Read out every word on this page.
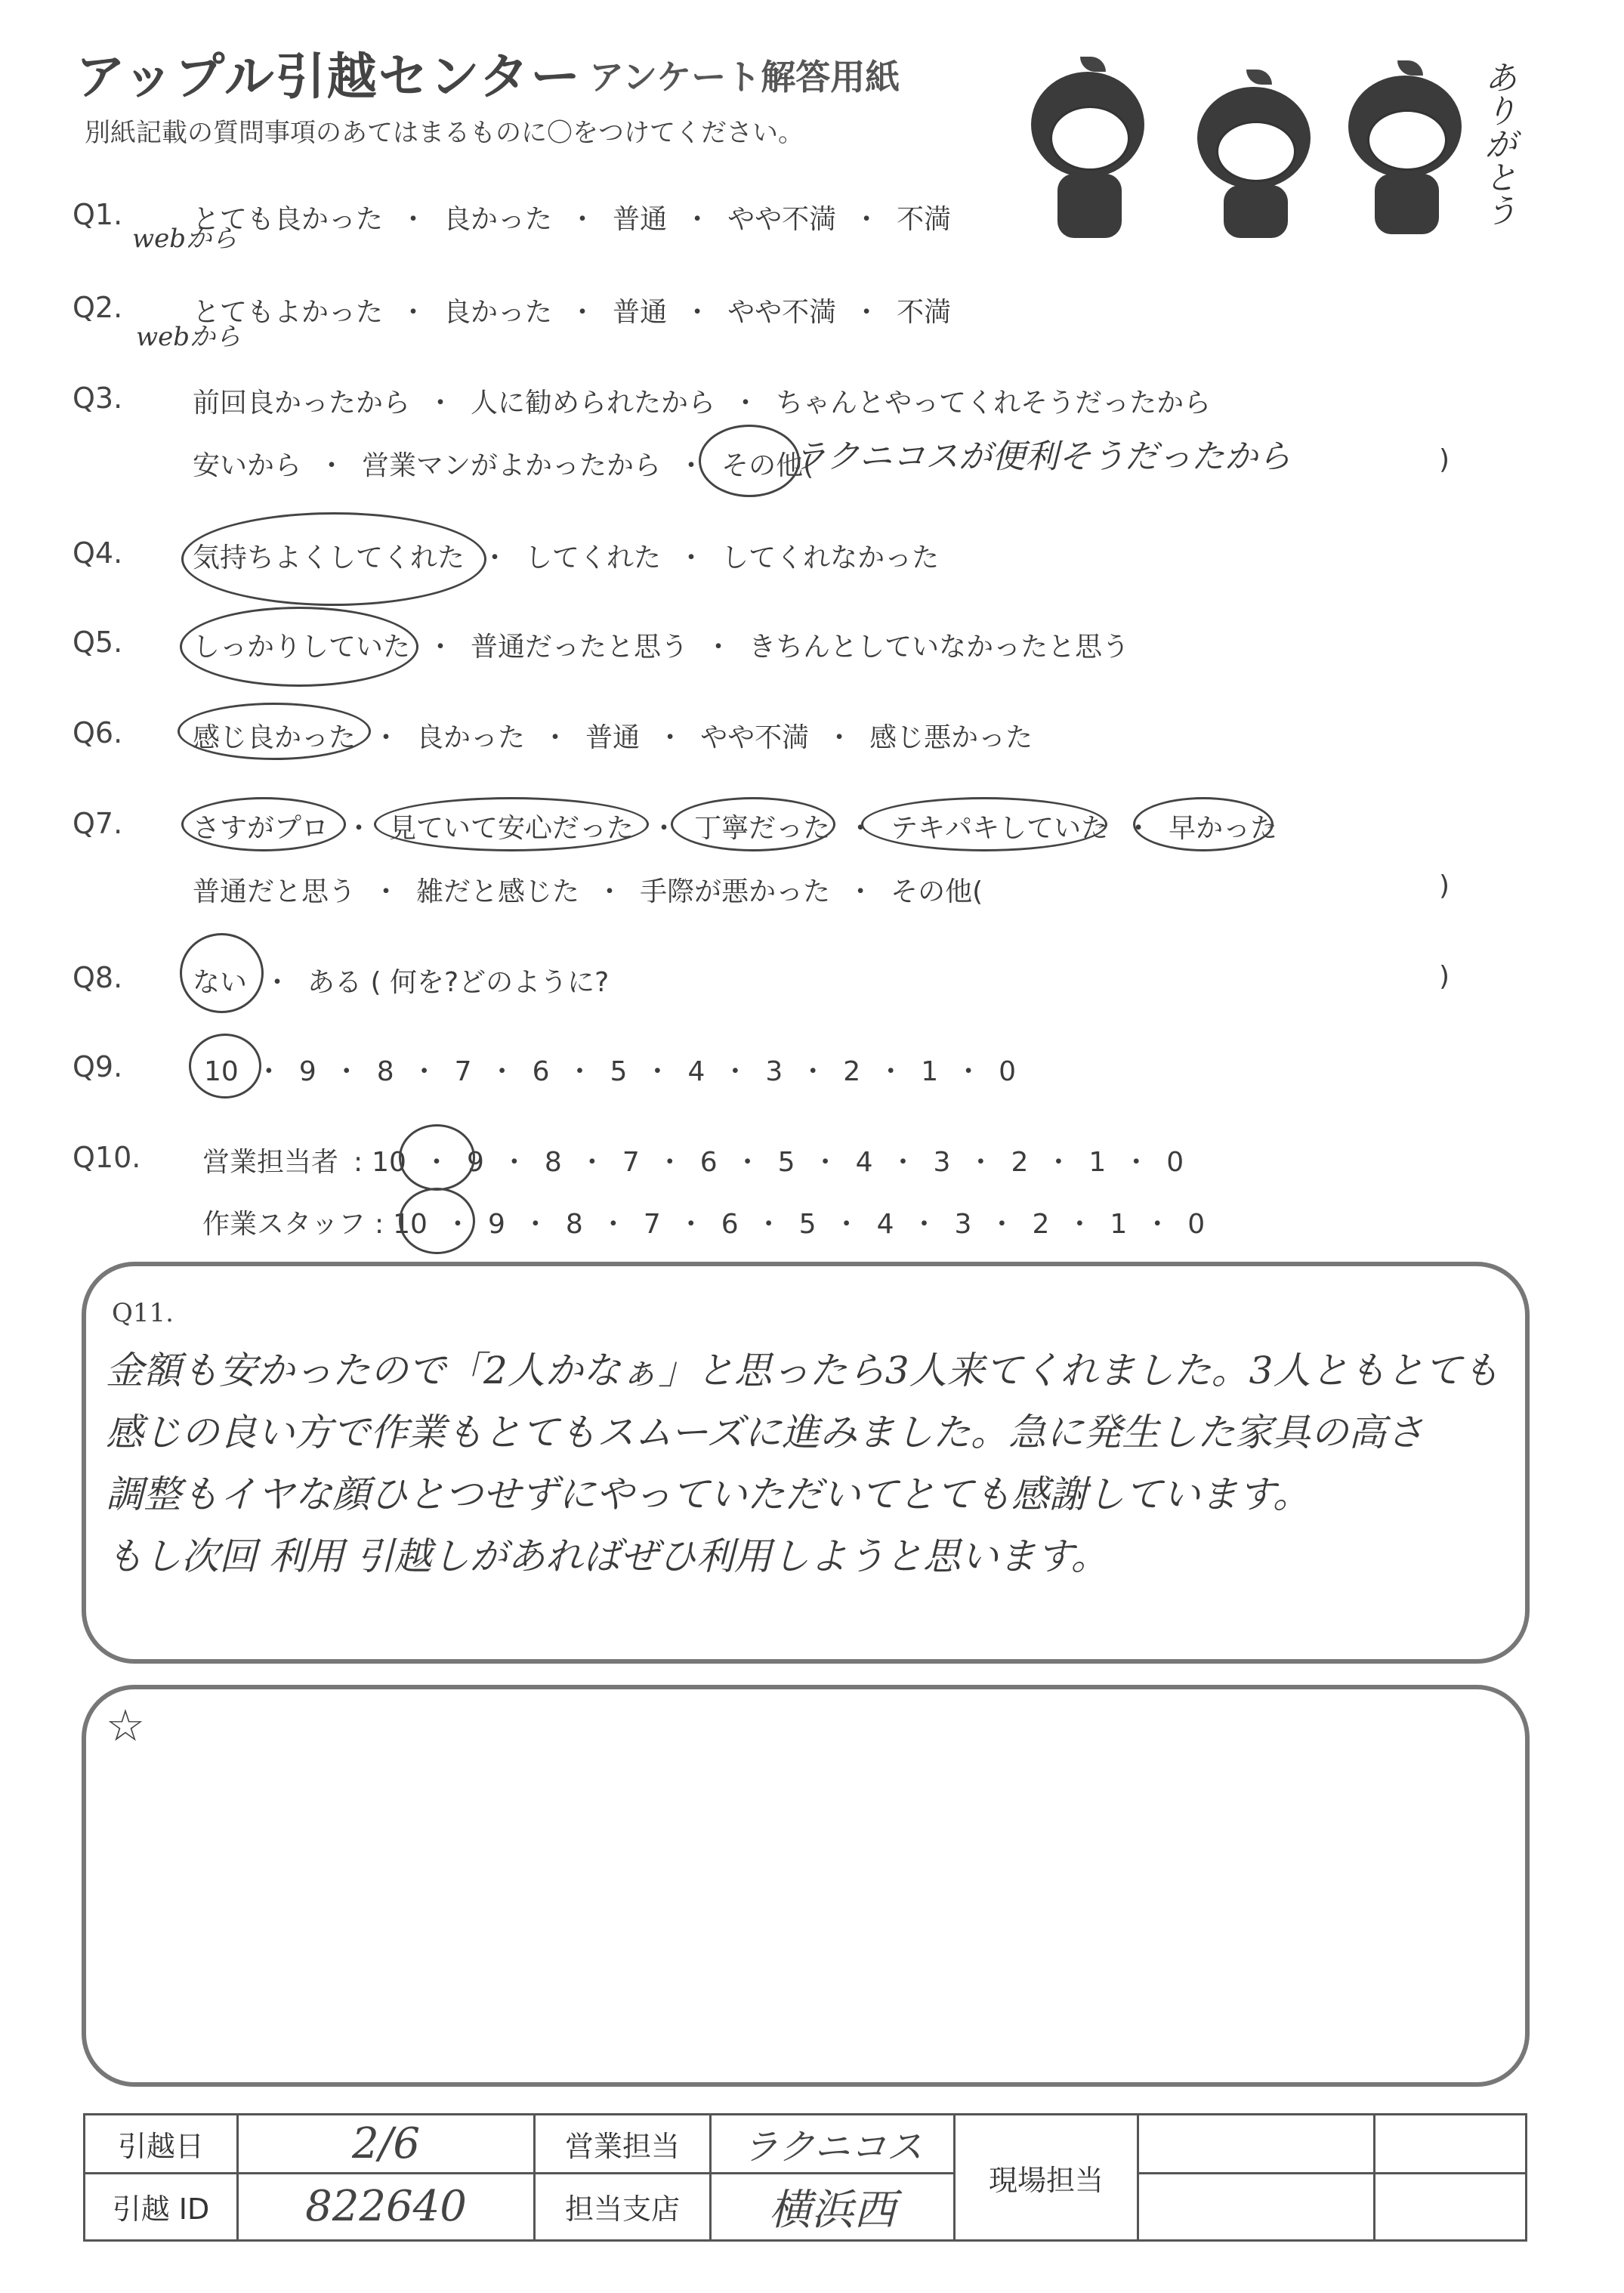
アップル引越センター アンケート解答用紙
別紙記載の質問事項のあてはまるものに〇をつけてください。	ありがとう
Q1.
webから
とても良かった ・ 良かった ・ 普通 ・ やや不満 ・ 不満
Q2.
webから
とてもよかった ・ 良かった ・ 普通 ・ やや不満 ・ 不満
Q3.	前回良かったから ・ 人に勧められたから ・ ちゃんとやってくれそうだったから
安いから ・ 営業マンがよかったから ・ その他(
ラクニコスが便利そうだったから	)
Q4.	気持ちよくしてくれた ・ してくれた ・ してくれなかった
Q5.	しっかりしていた ・ 普通だったと思う ・ きちんとしていなかったと思う
Q6.	感じ良かった ・ 良かった ・ 普通 ・ やや不満 ・ 感じ悪かった
Q7.	さすがプロ ・ 見ていて安心だった ・ 丁寧だった ・ テキパキしていた ・ 早かった
普通だと思う ・ 雑だと感じた ・ 手際が悪かった ・ その他(	)
Q8.	ない ・ ある ( 何を?どのように?	)
Q9.	10 ・ 9 ・ 8 ・ 7 ・ 6 ・ 5 ・ 4 ・ 3 ・ 2 ・ 1 ・ 0
Q10. 営業担当者 : 10 ・ 9 ・ 8 ・ 7 ・ 6 ・ 5 ・ 4 ・ 3 ・ 2 ・ 1 ・ 0
作業スタッフ : 10 ・ 9 ・ 8 ・ 7 ・ 6 ・ 5 ・ 4 ・ 3 ・ 2 ・ 1 ・ 0
Q11.
金額も安かったので「2人かなぁ」と思ったら3人来てくれました。3人ともとても
感じの良い方で作業もとてもスムーズに進みました。急に発生した家具の高さ
調整もイヤな顔ひとつせずにやっていただいてとても感謝しています。
もし次回 利用 引越しがあればぜひ利用しようと思います。
☆
引越日	2/6	営業担当	ラクニコス	現場担当		
引越 ID	822640	担当支店	横浜西			
